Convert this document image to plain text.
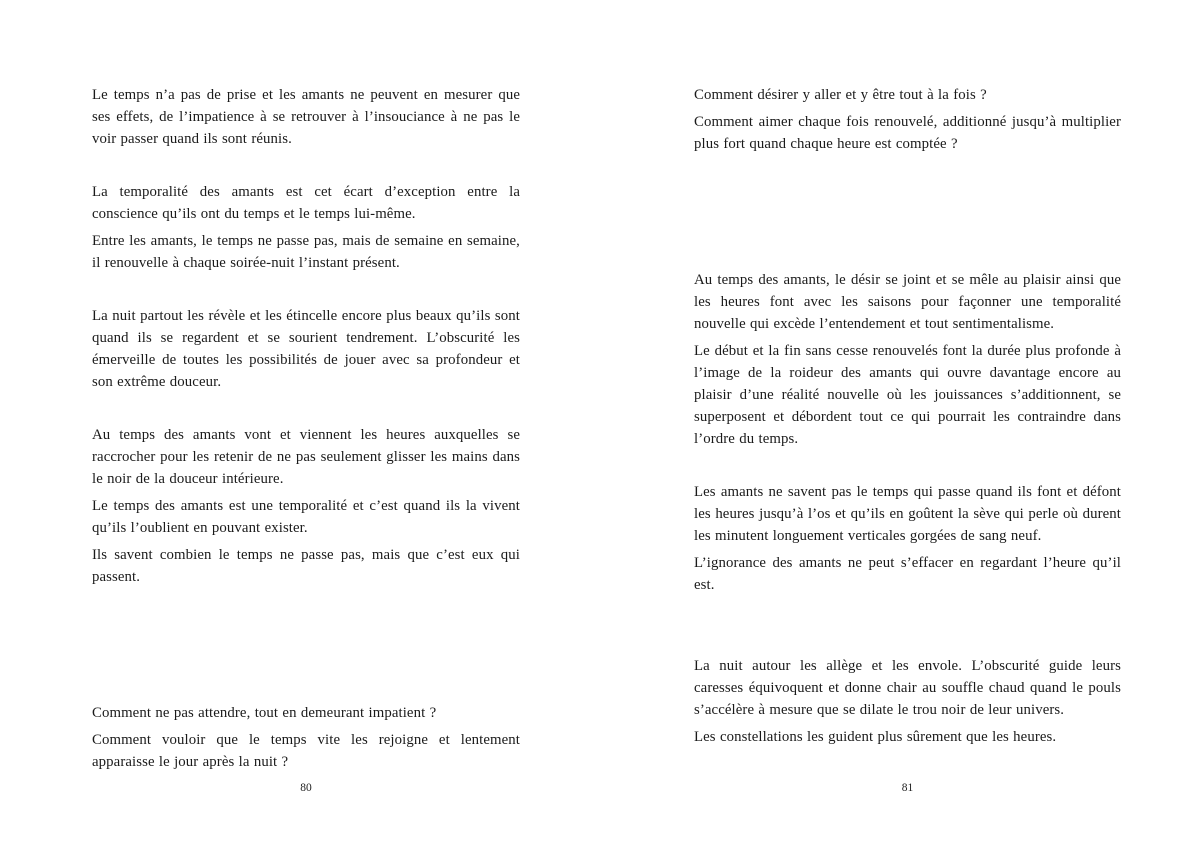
Le temps n’a pas de prise et les amants ne peuvent en mesurer que ses effets, de l’impatience à se retrouver à l’insouciance à ne pas le voir passer quand ils sont réunis.

La temporalité des amants est cet écart d’exception entre la conscience qu’ils ont du temps et le temps lui-même.

Entre les amants, le temps ne passe pas, mais de semaine en semaine, il renouvelle à chaque soirée-nuit l’instant présent.

La nuit partout les révèle et les étincelle encore plus beaux qu’ils sont quand ils se regardent et se sourient tendrement. L’obscurité les émerveille de toutes les possibilités de jouer avec sa profondeur et son extrême douceur.

Au temps des amants vont et viennent les heures auxquelles se raccrocher pour les retenir de ne pas seulement glisser les mains dans le noir de la douceur intérieure.

Le temps des amants est une temporalité et c’est quand ils la vivent qu’ils l’oublient en pouvant exister.

Ils savent combien le temps ne passe pas, mais que c’est eux qui passent.

Comment ne pas attendre, tout en demeurant impatient ?

Comment vouloir que le temps vite les rejoigne et lentement apparaisse le jour après la nuit ?

80

Comment désirer y aller et y être tout à la fois ?

Comment aimer chaque fois renouvelé, additionné jusqu’à multiplier plus fort quand chaque heure est comptée ?

Au temps des amants, le désir se joint et se mêle au plaisir ainsi que les heures font avec les saisons pour façonner une temporalité nouvelle qui excède l’entendement et tout sentimentalisme.

Le début et la fin sans cesse renouvelés font la durée plus profonde à l’image de la roideur des amants qui ouvre davantage encore au plaisir d’une réalité nouvelle où les jouissances s’additionnent, se superposent et débordent tout ce qui pourrait les contraindre dans l’ordre du temps.

Les amants ne savent pas le temps qui passe quand ils font et défont les heures jusqu’à l’os et qu’ils en goûtent la sève qui perle où durent les minutent longuement verticales gorgées de sang neuf.

L’ignorance des amants ne peut s’effacer en regardant l’heure qu’il est.

La nuit autour les allège et les envole. L’obscurité guide leurs caresses équivoquent et donne chair au souffle chaud quand le pouls s’accélère à mesure que se dilate le trou noir de leur univers.

Les constellations les guident plus sûrement que les heures.

81
